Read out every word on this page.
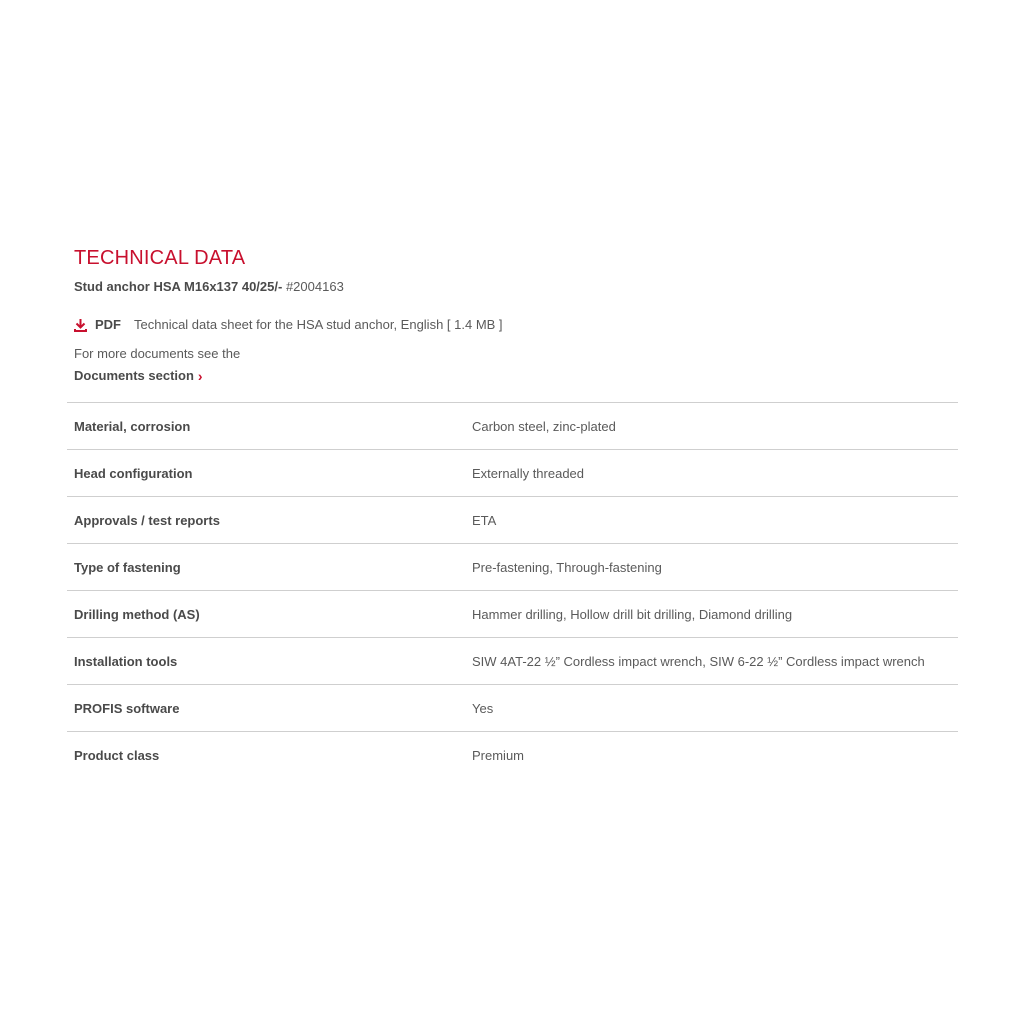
TECHNICAL DATA
Stud anchor HSA M16x137 40/25/- #2004163
PDF Technical data sheet for the HSA stud anchor, English [ 1.4 MB ]
For more documents see the
Documents section ›
Material, corrosion	Carbon steel, zinc-plated
Head configuration	Externally threaded
Approvals / test reports	ETA
Type of fastening	Pre-fastening, Through-fastening
Drilling method (AS)	Hammer drilling, Hollow drill bit drilling, Diamond drilling
Installation tools	SIW 4AT-22 ½” Cordless impact wrench, SIW 6-22 ½” Cordless impact wrench
PROFIS software	Yes
Product class	Premium
